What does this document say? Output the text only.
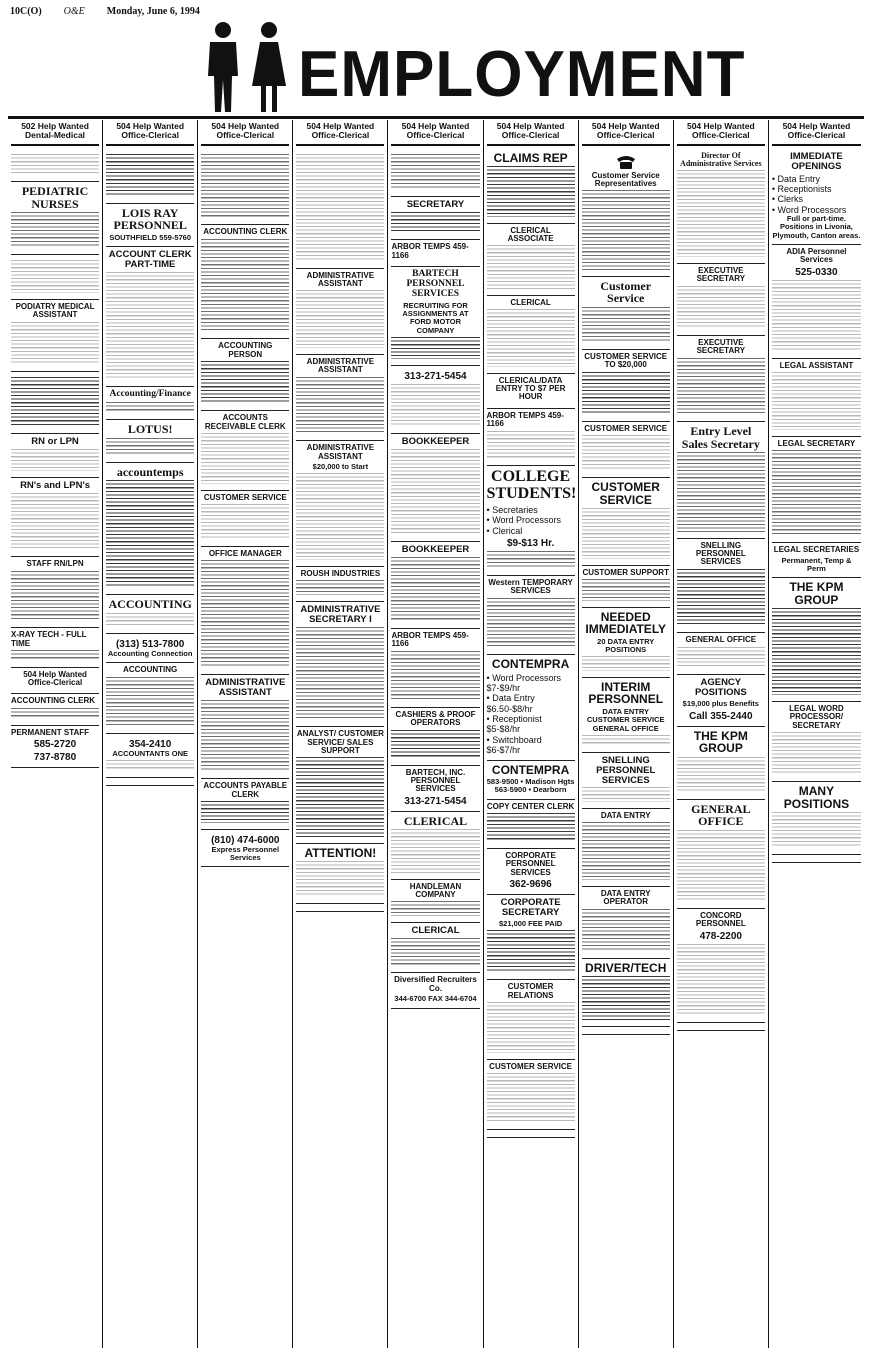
10C(O) O&E Monday, June 6, 1994
EMPLOYMENT
502 Help Wanted Dental-Medical
PEDIATRIC NURSES
PODIATRY MEDICAL ASSISTANT
RN or LPN
RN's and LPN's
STAFF RN/LPN
X-RAY TECH - FULL TIME
504 Help Wanted Office-Clerical
ACCOUNTING CLERK
PERMANENT STAFF
585-2720
737-8780
504 Help Wanted Office-Clerical
LOIS RAY PERSONNEL
SOUTHFIELD 559-5760
ACCOUNT CLERK PART-TIME
Accounting/Finance
LOTUS!
accountemps
ACCOUNTING
(313) 513-7800
Accounting Connection
ACCOUNTING
354-2410
ACCOUNTANTS ONE
504 Help Wanted Office-Clerical
ACCOUNTING CLERK
ACCOUNTING PERSON
ACCOUNTS RECEIVABLE CLERK
CUSTOMER SERVICE
OFFICE MANAGER
ADMINISTRATIVE ASSISTANT
ACCOUNTS PAYABLE CLERK
(810) 474-6000
Express Personnel Services
504 Help Wanted Office-Clerical
ADMINISTRATIVE ASSISTANT
ADMINISTRATIVE ASSISTANT
ADMINISTRATIVE ASSISTANT
$20,000 to Start
ROUSH INDUSTRIES
ADMINISTRATIVE SECRETARY I
ANALYST/ CUSTOMER SERVICE/ SALES SUPPORT
ATTENTION!
504 Help Wanted Office-Clerical
SECRETARY
ARBOR TEMPS 459-1166
BARTECH PERSONNEL SERVICES
RECRUITING FOR ASSIGNMENTS AT
FORD MOTOR COMPANY
313-271-5454
BOOKKEEPER
BOOKKEEPER
ARBOR TEMPS 459-1166
CASHIERS & PROOF OPERATORS
BARTECH, INC. PERSONNEL SERVICES
313-271-5454
CLERICAL
HANDLEMAN COMPANY
CLERICAL
Diversified Recruiters Co.
344-6700 FAX 344-6704
504 Help Wanted Office-Clerical
CLAIMS REP
CLERICAL ASSOCIATE
CLERICAL
CLERICAL/DATA ENTRY TO $7 PER HOUR
ARBOR TEMPS 459-1166
COLLEGE STUDENTS!
• Secretaries
• Word Processors
• Clerical
$9-$13 Hr.
Western TEMPORARY SERVICES
CONTEMPRA
• Word Processors $7-$9/hr
• Data Entry $6.50-$8/hr
• Receptionist $5-$8/hr
• Switchboard $6-$7/hr
CONTEMPRA
583-9500 • Madison Hgts
563-5900 • Dearborn
COPY CENTER CLERK
CORPORATE PERSONNEL SERVICES
362-9696
CORPORATE SECRETARY
$21,000 FEE PAID
CUSTOMER RELATIONS
CUSTOMER SERVICE
504 Help Wanted Office-Clerical
Customer Service Representatives
Customer Service
CUSTOMER SERVICE TO $20,000
CUSTOMER SERVICE
CUSTOMER SERVICE
CUSTOMER SUPPORT
NEEDED IMMEDIATELY
20 DATA ENTRY POSITIONS
INTERIM PERSONNEL
DATA ENTRY CUSTOMER SERVICE GENERAL OFFICE
SNELLING PERSONNEL SERVICES
DATA ENTRY
DATA ENTRY OPERATOR
DRIVER/TECH
504 Help Wanted Office-Clerical
Director Of Administrative Services
EXECUTIVE SECRETARY
EXECUTIVE SECRETARY
Entry Level Sales Secretary
SNELLING PERSONNEL SERVICES
GENERAL OFFICE
AGENCY POSITIONS
$19,000 plus Benefits
Call 355-2440
THE KPM GROUP
GENERAL OFFICE
CONCORD PERSONNEL
478-2200
504 Help Wanted Office-Clerical
IMMEDIATE OPENINGS
• Data Entry
• Receptionists
• Clerks
• Word Processors
Full or part-time. Positions in Livonia, Plymouth, Canton areas.
ADIA Personnel Services
525-0330
LEGAL ASSISTANT
LEGAL SECRETARY
LEGAL SECRETARIES
Permanent, Temp & Perm
THE KPM GROUP
LEGAL WORD PROCESSOR/ SECRETARY
MANY POSITIONS
